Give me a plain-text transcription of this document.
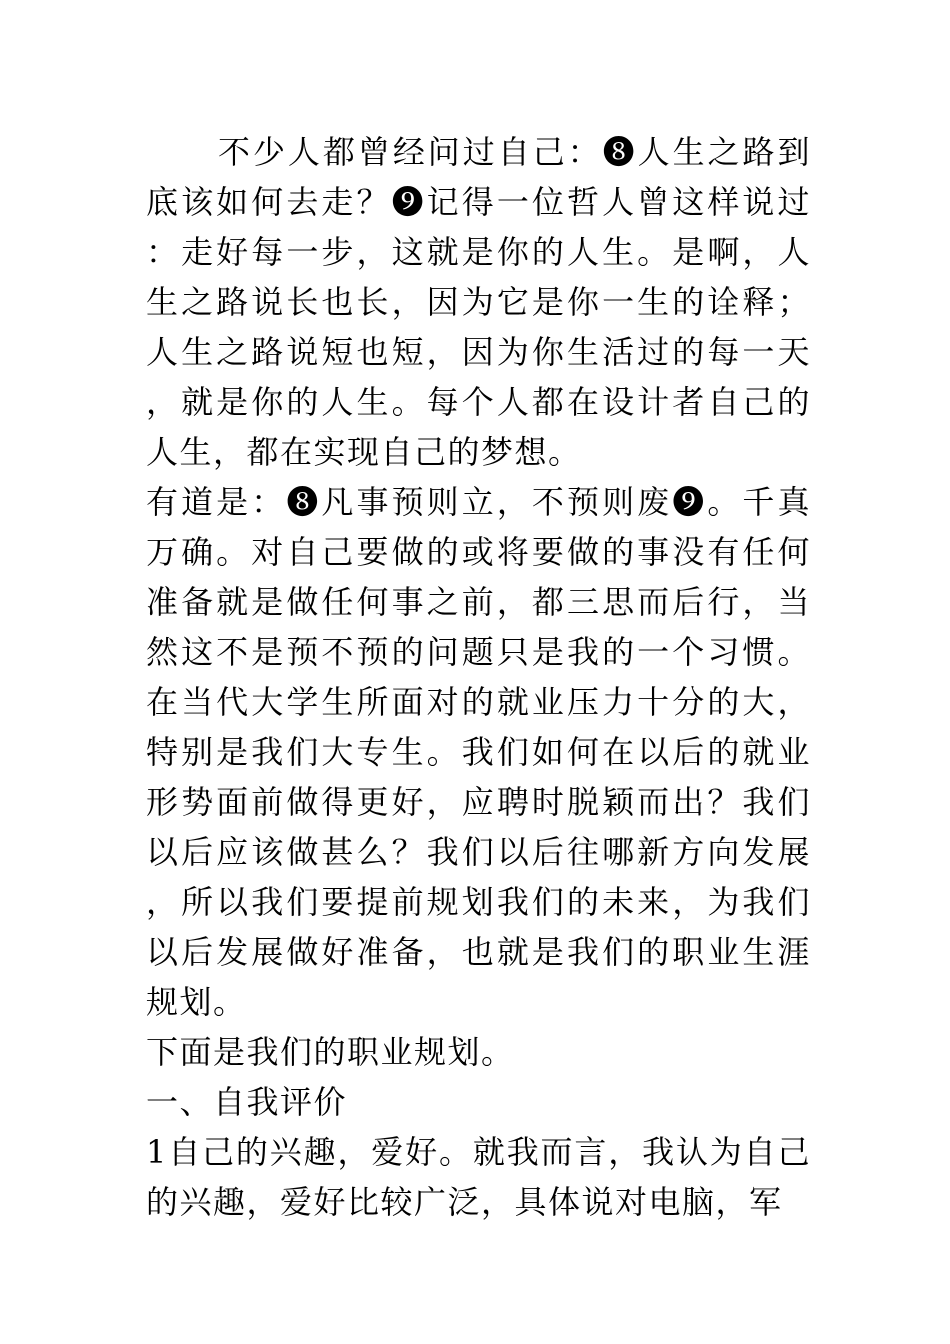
不少人都曾经问过自己：❽人生之路到底该如何去走？❾记得一位哲人曾这样说过：走好每一步，这就是你的人生。是啊，人生之路说长也长，因为它是你一生的诠释；人生之路说短也短，因为你生活过的每一天，就是你的人生。每个人都在设计者自己的人生，都在实现自己的梦想。

有道是：❽凡事预则立，不预则废❾。千真万确。对自己要做的或将要做的事没有任何准备就是做任何事之前，都三思而后行，当然这不是预不预的问题只是我的一个习惯。在当代大学生所面对的就业压力十分的大，特别是我们大专生。我们如何在以后的就业形势面前做得更好，应聘时脱颖而出？我们以后应该做甚么？我们以后往哪新方向发展，所以我们要提前规划我们的未来，为我们以后发展做好准备，也就是我们的职业生涯规划。

下面是我们的职业规划。

一、自我评价

1自己的兴趣，爱好。就我而言，我认为自己的兴趣，爱好比较广泛，具体说对电脑，军
